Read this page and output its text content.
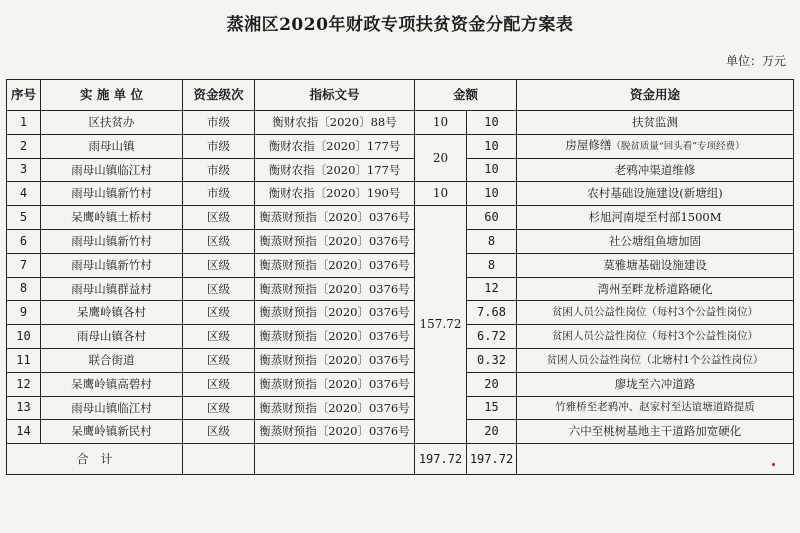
蒸湘区2020年财政专项扶贫资金分配方案表
单位：万元
序号	实 施 单 位	资金级次	指标文号	金额		资金用途
1	区扶贫办	市级	衡财农指〔2020〕88号	10	10	扶贫监测
2	雨母山镇	市级	衡财农指〔2020〕177号	20	10	房屋修缮（脱贫质量“回头看”专项经费）
3	雨母山镇临江村	市级	衡财农指〔2020〕177号		10	老鸦冲渠道维修
4	雨母山镇新竹村	市级	衡财农指〔2020〕190号	10	10	农村基础设施建设(新塘组)
5	呆鹰岭镇土桥村	区级	衡蒸财预指〔2020〕0376号	157.72	60	杉旭河南堤至村部1500M
6	雨母山镇新竹村	区级	衡蒸财预指〔2020〕0376号		8	社公塘组鱼塘加固
7	雨母山镇新竹村	区级	衡蒸财预指〔2020〕0376号		8	莫雅塘基础设施建设
8	雨母山镇群益村	区级	衡蒸财预指〔2020〕0376号		12	湾州至畔龙桥道路硬化
9	呆鹰岭镇各村	区级	衡蒸财预指〔2020〕0376号		7.68	贫困人员公益性岗位（每村3个公益性岗位）
10	雨母山镇各村	区级	衡蒸财预指〔2020〕0376号		6.72	贫困人员公益性岗位（每村3个公益性岗位）
11	联合街道	区级	衡蒸财预指〔2020〕0376号		0.32	贫困人员公益性岗位（北塘村1个公益性岗位）
12	呆鹰岭镇高碧村	区级	衡蒸财预指〔2020〕0376号		20	廖垅至六冲道路
13	雨母山镇临江村	区级	衡蒸财预指〔2020〕0376号		15	竹雅桥至老鸦冲、赵家村至达谊塘道路提质
14	呆鹰岭镇新民村	区级	衡蒸财预指〔2020〕0376号		20	六中至桃树基地主干道路加宽硬化
合　计				197.72	197.72	
